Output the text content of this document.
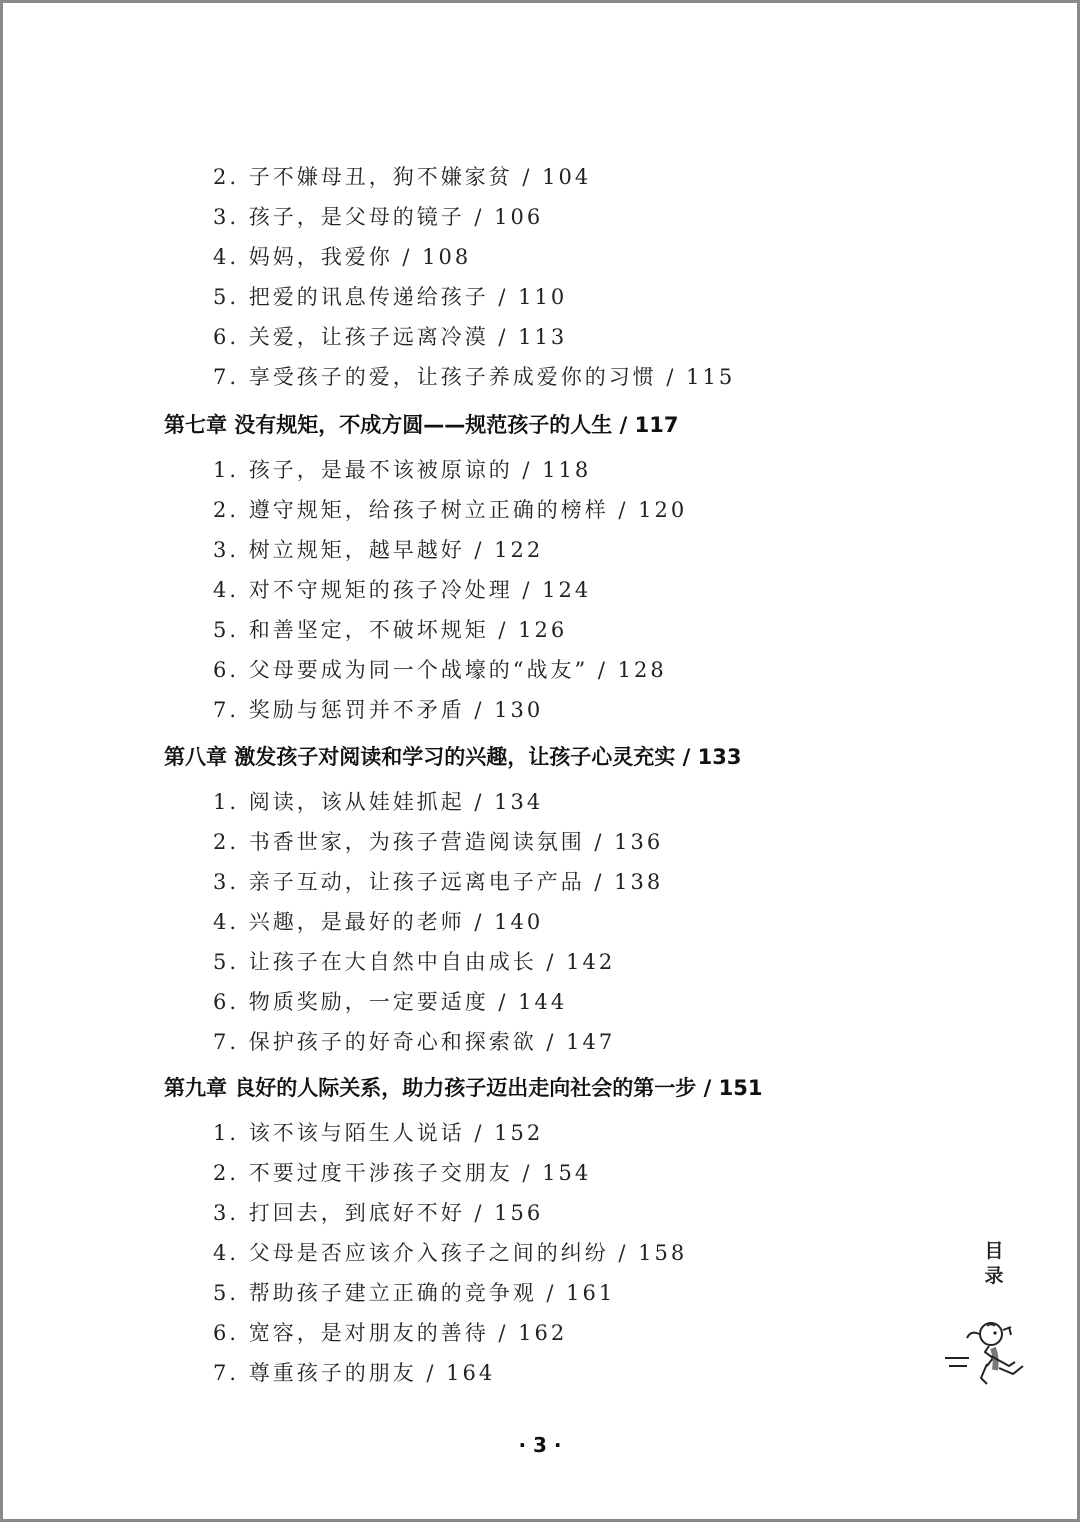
2. 子不嫌母丑，狗不嫌家贫 / 104
3. 孩子，是父母的镜子 / 106
4. 妈妈，我爱你 / 108
5. 把爱的讯息传递给孩子 / 110
6. 关爱，让孩子远离冷漠 / 113
7. 享受孩子的爱，让孩子养成爱你的习惯 / 115
第七章 没有规矩，不成方圆——规范孩子的人生 / 117
1. 孩子，是最不该被原谅的 / 118
2. 遵守规矩，给孩子树立正确的榜样 / 120
3. 树立规矩，越早越好 / 122
4. 对不守规矩的孩子冷处理 / 124
5. 和善坚定，不破坏规矩 / 126
6. 父母要成为同一个战壕的“战友” / 128
7. 奖励与惩罚并不矛盾 / 130
第八章 激发孩子对阅读和学习的兴趣，让孩子心灵充实 / 133
1. 阅读，该从娃娃抓起 / 134
2. 书香世家，为孩子营造阅读氛围 / 136
3. 亲子互动，让孩子远离电子产品 / 138
4. 兴趣，是最好的老师 / 140
5. 让孩子在大自然中自由成长 / 142
6. 物质奖励，一定要适度 / 144
7. 保护孩子的好奇心和探索欲 / 147
第九章 良好的人际关系，助力孩子迈出走向社会的第一步 / 151
1. 该不该与陌生人说话 / 152
2. 不要过度干涉孩子交朋友 / 154
3. 打回去，到底好不好 / 156
4. 父母是否应该介入孩子之间的纠纷 / 158
5. 帮助孩子建立正确的竞争观 / 161
6. 宽容，是对朋友的善待 / 162
7. 尊重孩子的朋友 / 164
目
录
· 3 ·
